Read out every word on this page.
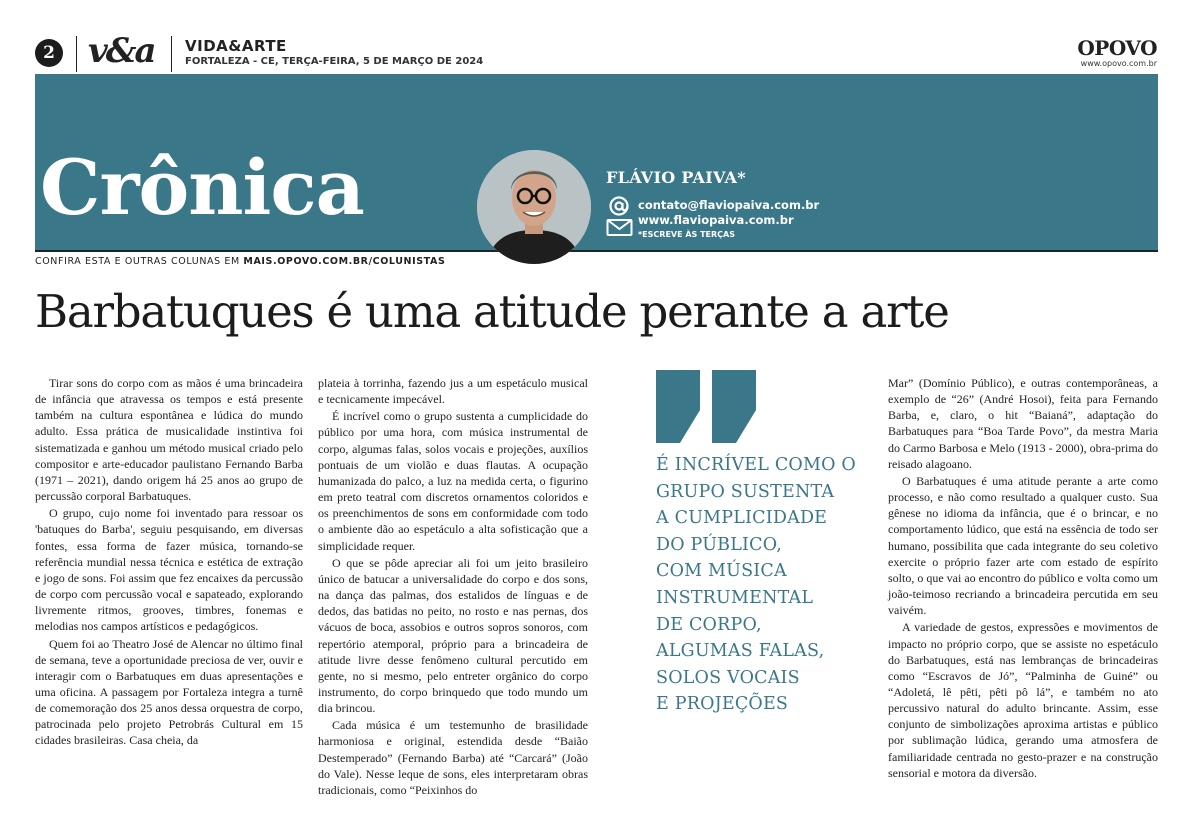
2 v&a VIDA&ARTE
FORTALEZA - CE, TERÇA-FEIRA, 5 DE MARÇO DE 2024
OPOVO
www.opovo.com.br
Crônica	FLÁVIO PAIVA*
contato@flaviopaiva.com.br
www.flaviopaiva.com.br
*ESCREVE ÀS TERÇAS
CONFIRA ESTA E OUTRAS COLUNAS EM MAIS.OPOVO.COM.BR/COLUNISTAS
Barbatuques é uma atitude perante a arte

Tirar sons do corpo com as mãos é uma brincadeira de infância que atravessa os tempos e está presente também na cultura espontânea e lúdica do mundo adulto. Essa prática de musicalidade instintiva foi sistematizada e ganhou um método musical criado pelo compositor e arte-educador paulistano Fernando Barba (1971 – 2021), dando origem há 25 anos ao grupo de percussão corporal Barbatuques.

O grupo, cujo nome foi inventado para ressoar os 'batuques do Barba', seguiu pesquisando, em diversas fontes, essa forma de fazer música, tornando-se referência mundial nessa técnica e estética de extração e jogo de sons. Foi assim que fez encaixes da percussão de corpo com percussão vocal e sapateado, explorando livremente ritmos, grooves, timbres, fonemas e melodias nos campos artísticos e pedagógicos.

Quem foi ao Theatro José de Alencar no último final de semana, teve a oportunidade preciosa de ver, ouvir e interagir com o Barbatuques em duas apresentações e uma oficina. A passagem por Fortaleza integra a turnê de comemoração dos 25 anos dessa orquestra de corpo, patrocinada pelo projeto Petrobrás Cultural em 15 cidades brasileiras. Casa cheia, da

plateia à torrinha, fazendo jus a um espetáculo musical e tecnicamente impecável.

É incrível como o grupo sustenta a cumplicidade do público por uma hora, com música instrumental de corpo, algumas falas, solos vocais e projeções, auxílios pontuais de um violão e duas flautas. A ocupação humanizada do palco, a luz na medida certa, o figurino em preto teatral com discretos ornamentos coloridos e os preenchimentos de sons em conformidade com todo o ambiente dão ao espetáculo a alta sofisticação que a simplicidade requer.

O que se pôde apreciar ali foi um jeito brasileiro único de batucar a universalidade do corpo e dos sons, na dança das palmas, dos estalidos de línguas e de dedos, das batidas no peito, no rosto e nas pernas, dos vácuos de boca, assobios e outros sopros sonoros, com repertório atemporal, próprio para a brincadeira de atitude livre desse fenômeno cultural percutido em gente, no si mesmo, pelo entreter orgânico do corpo instrumento, do corpo brinquedo que todo mundo um dia brincou.

Cada música é um testemunho de brasilidade harmoniosa e original, estendida desde “Baião Destemperado” (Fernando Barba) até “Carcará” (João do Vale). Nesse leque de sons, eles interpretaram obras tradicionais, como “Peixinhos do

É INCRÍVEL COMO O
GRUPO SUSTENTA
A CUMPLICIDADE
DO PÚBLICO,
COM MÚSICA
INSTRUMENTAL
DE CORPO,
ALGUMAS FALAS,
SOLOS VOCAIS
E PROJEÇÕES

Mar” (Domínio Público), e outras contemporâneas, a exemplo de “26” (André Hosoi), feita para Fernando Barba, e, claro, o hit “Baianá”, adaptação do Barbatuques para “Boa Tarde Povo”, da mestra Maria do Carmo Barbosa e Melo (1913 - 2000), obra-prima do reisado alagoano.

O Barbatuques é uma atitude perante a arte como processo, e não como resultado a qualquer custo. Sua gênese no idioma da infância, que é o brincar, e no comportamento lúdico, que está na essência de todo ser humano, possibilita que cada integrante do seu coletivo exercite o próprio fazer arte com estado de espírito solto, o que vai ao encontro do público e volta como um joão-teimoso recriando a brincadeira percutida em seu vaivém.

A variedade de gestos, expressões e movimentos de impacto no próprio corpo, que se assiste no espetáculo do Barbatuques, está nas lembranças de brincadeiras como “Escravos de Jó”, “Palminha de Guiné” ou “Adoletá, lê pêti, pêti pô lá”, e também no ato percussivo natural do adulto brincante. Assim, esse conjunto de simbolizações aproxima artistas e público por sublimação lúdica, gerando uma atmosfera de familiaridade centrada no gesto-prazer e na construção sensorial e motora da diversão.
